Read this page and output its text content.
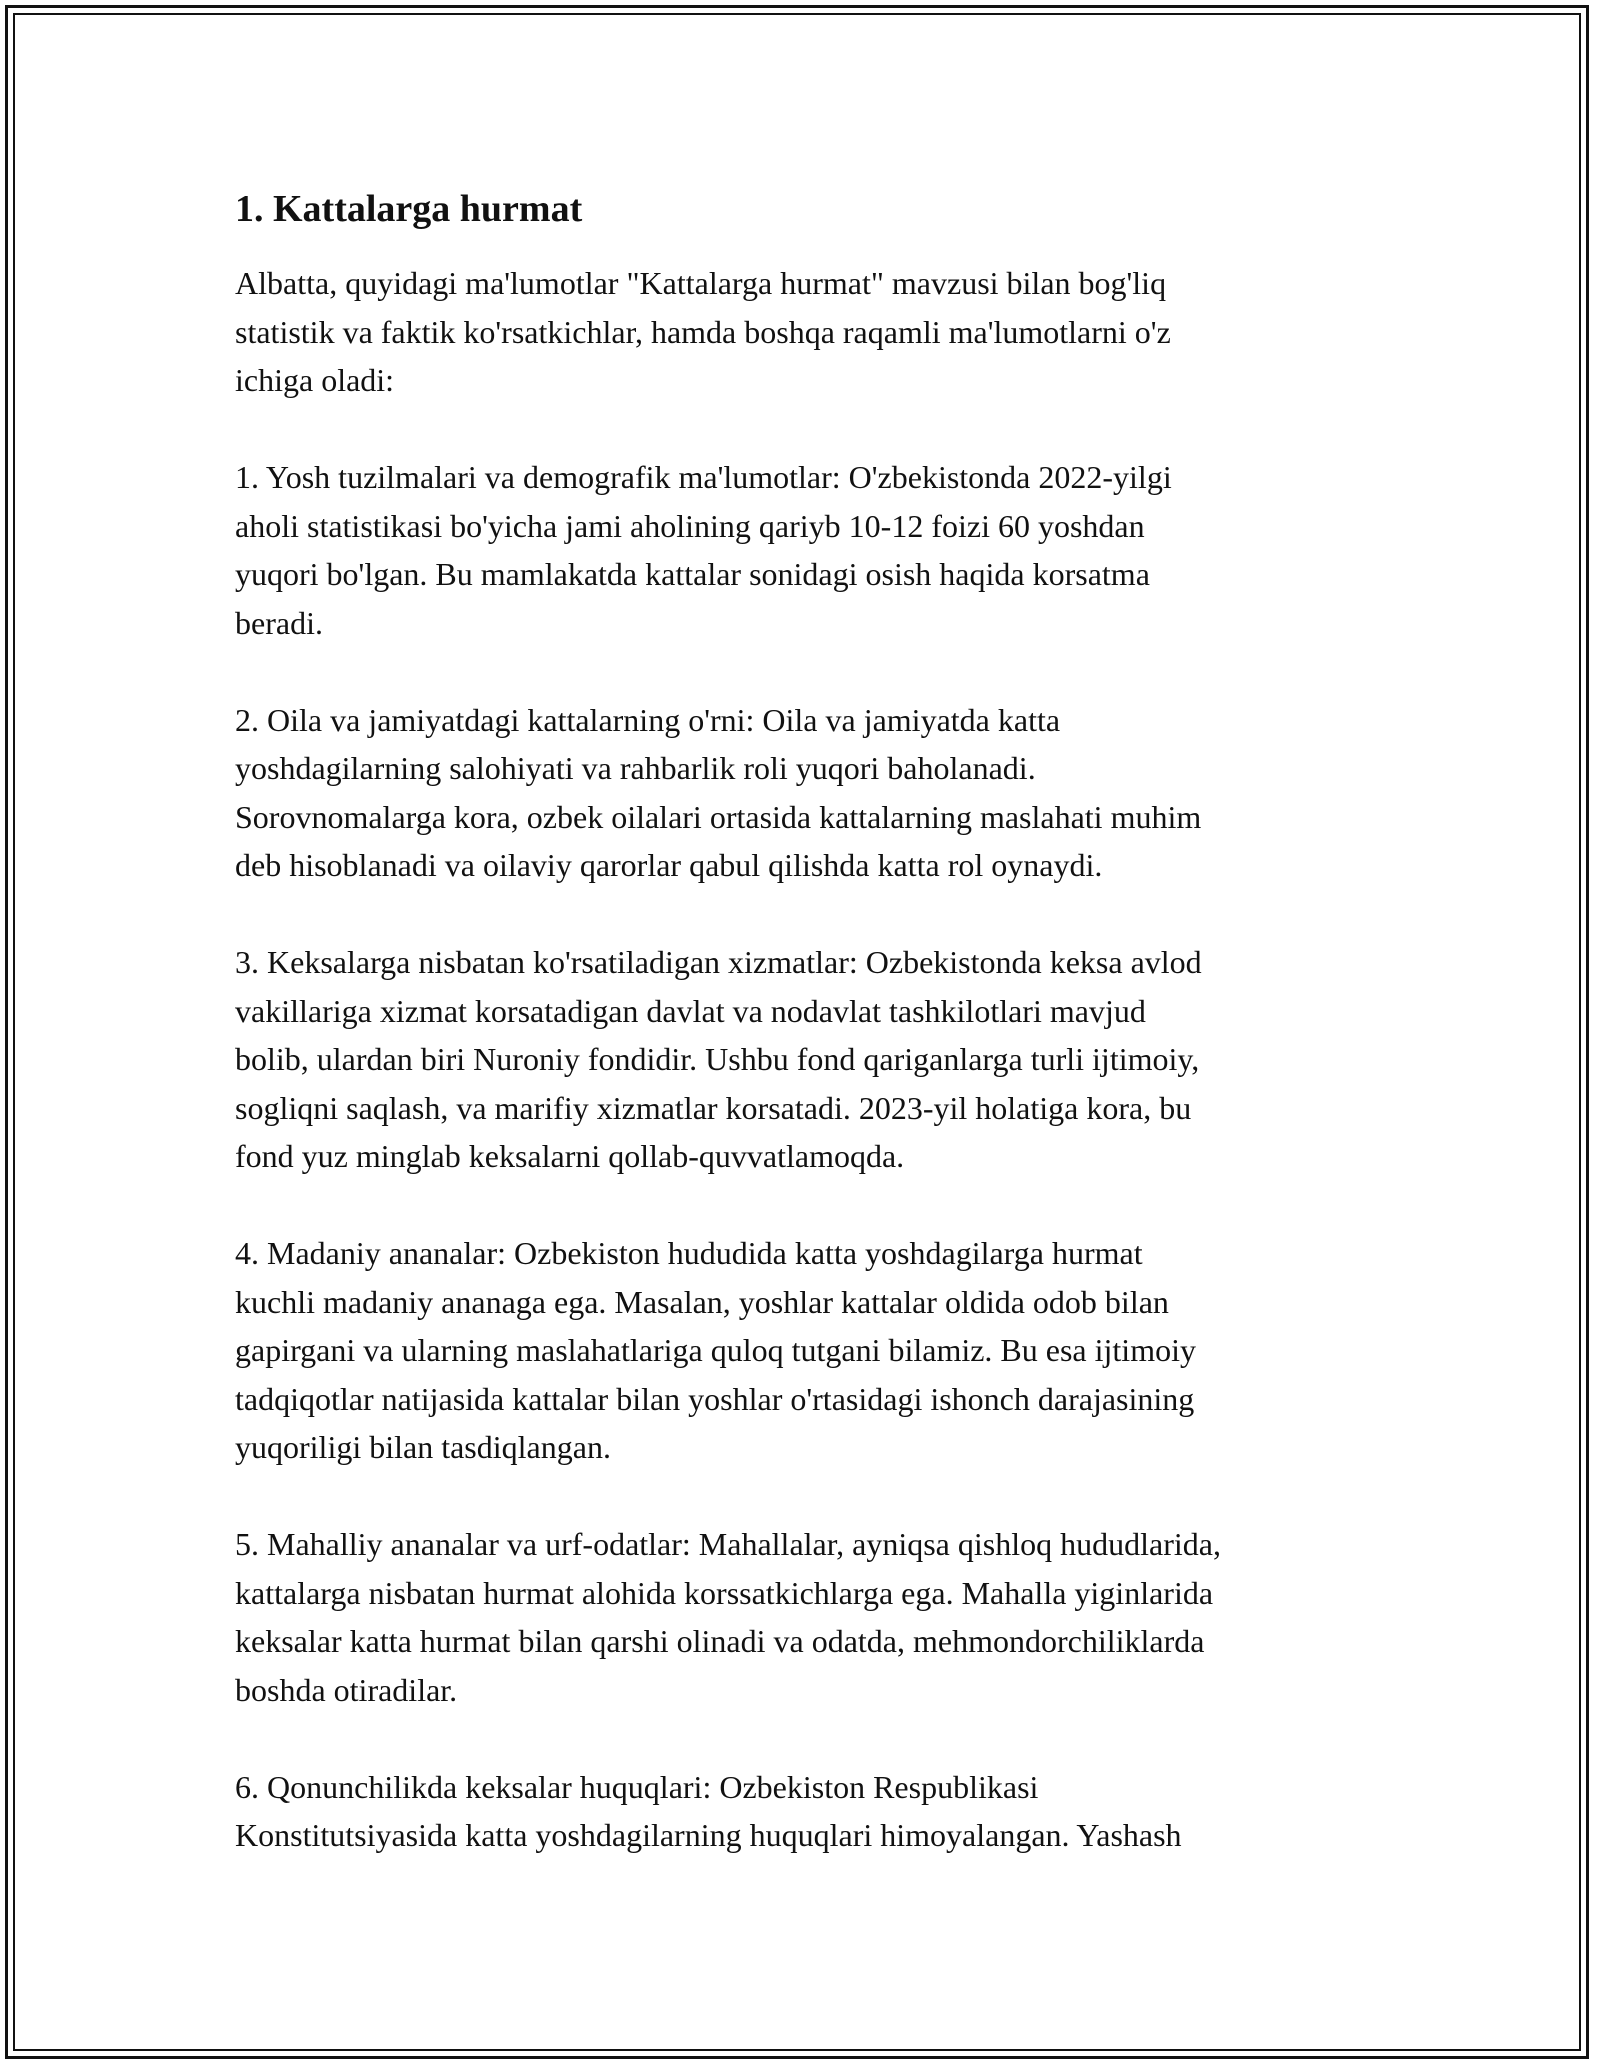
1. Kattalarga hurmat

Albatta, quyidagi ma'lumotlar "Kattalarga hurmat" mavzusi bilan bog'liq
statistik va faktik ko'rsatkichlar, hamda boshqa raqamli ma'lumotlarni o'z
ichiga oladi:

1. Yosh tuzilmalari va demografik ma'lumotlar: O'zbekistonda 2022-yilgi
aholi statistikasi bo'yicha jami aholining qariyb 10-12 foizi 60 yoshdan
yuqori bo'lgan. Bu mamlakatda kattalar sonidagi osish haqida korsatma
beradi.

2. Oila va jamiyatdagi kattalarning o'rni: Oila va jamiyatda katta
yoshdagilarning salohiyati va rahbarlik roli yuqori baholanadi.
Sorovnomalarga kora, ozbek oilalari ortasida kattalarning maslahati muhim
deb hisoblanadi va oilaviy qarorlar qabul qilishda katta rol oynaydi.

3. Keksalarga nisbatan ko'rsatiladigan xizmatlar: Ozbekistonda keksa avlod
vakillariga xizmat korsatadigan davlat va nodavlat tashkilotlari mavjud
bolib, ulardan biri Nuroniy fondidir. Ushbu fond qariganlarga turli ijtimoiy,
sogliqni saqlash, va marifiy xizmatlar korsatadi. 2023-yil holatiga kora, bu
fond yuz minglab keksalarni qollab-quvvatlamoqda.

4. Madaniy ananalar: Ozbekiston hududida katta yoshdagilarga hurmat
kuchli madaniy ananaga ega. Masalan, yoshlar kattalar oldida odob bilan
gapirgani va ularning maslahatlariga quloq tutgani bilamiz. Bu esa ijtimoiy
tadqiqotlar natijasida kattalar bilan yoshlar o'rtasidagi ishonch darajasining
yuqoriligi bilan tasdiqlangan.

5. Mahalliy ananalar va urf-odatlar: Mahallalar, ayniqsa qishloq hududlarida,
kattalarga nisbatan hurmat alohida korssatkichlarga ega. Mahalla yiginlarida
keksalar katta hurmat bilan qarshi olinadi va odatda, mehmondorchiliklarda
boshda otiradilar.

6. Qonunchilikda keksalar huquqlari: Ozbekiston Respublikasi
Konstitutsiyasida katta yoshdagilarning huquqlari himoyalangan. Yashash
